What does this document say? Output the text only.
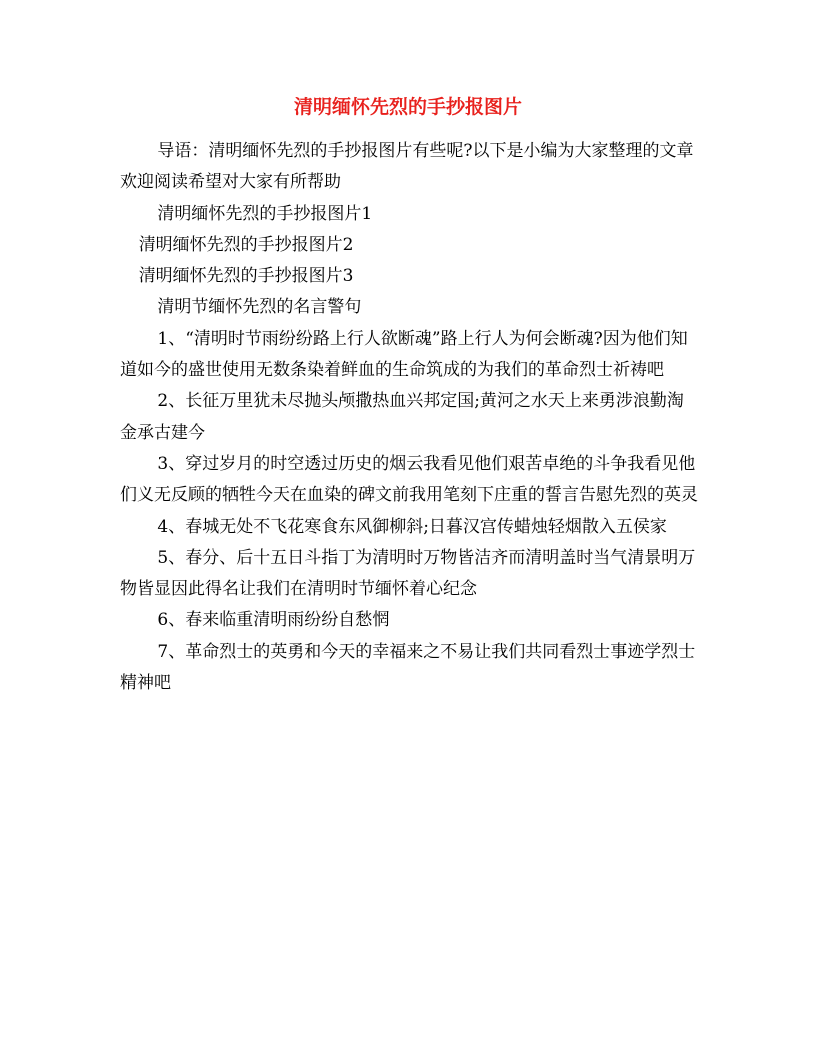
清明缅怀先烈的手抄报图片

导语：清明缅怀先烈的手抄报图片有些呢?以下是小编为大家整理的文章欢迎阅读希望对大家有所帮助

清明缅怀先烈的手抄报图片1

清明缅怀先烈的手抄报图片2

清明缅怀先烈的手抄报图片3

清明节缅怀先烈的名言警句

1、“清明时节雨纷纷路上行人欲断魂”路上行人为何会断魂?因为他们知道如今的盛世使用无数条染着鲜血的生命筑成的为我们的革命烈士祈祷吧

2、长征万里犹未尽抛头颅撒热血兴邦定国;黄河之水天上来勇涉浪勤淘金承古建今

3、穿过岁月的时空透过历史的烟云我看见他们艰苦卓绝的斗争我看见他们义无反顾的牺牲今天在血染的碑文前我用笔刻下庄重的誓言告慰先烈的英灵

4、春城无处不飞花寒食东风御柳斜;日暮汉宫传蜡烛轻烟散入五侯家

5、春分、后十五日斗指丁为清明时万物皆洁齐而清明盖时当气清景明万物皆显因此得名让我们在清明时节缅怀着心纪念

6、春来临重清明雨纷纷自愁惘

7、革命烈士的英勇和今天的幸福来之不易让我们共同看烈士事迹学烈士精神吧
